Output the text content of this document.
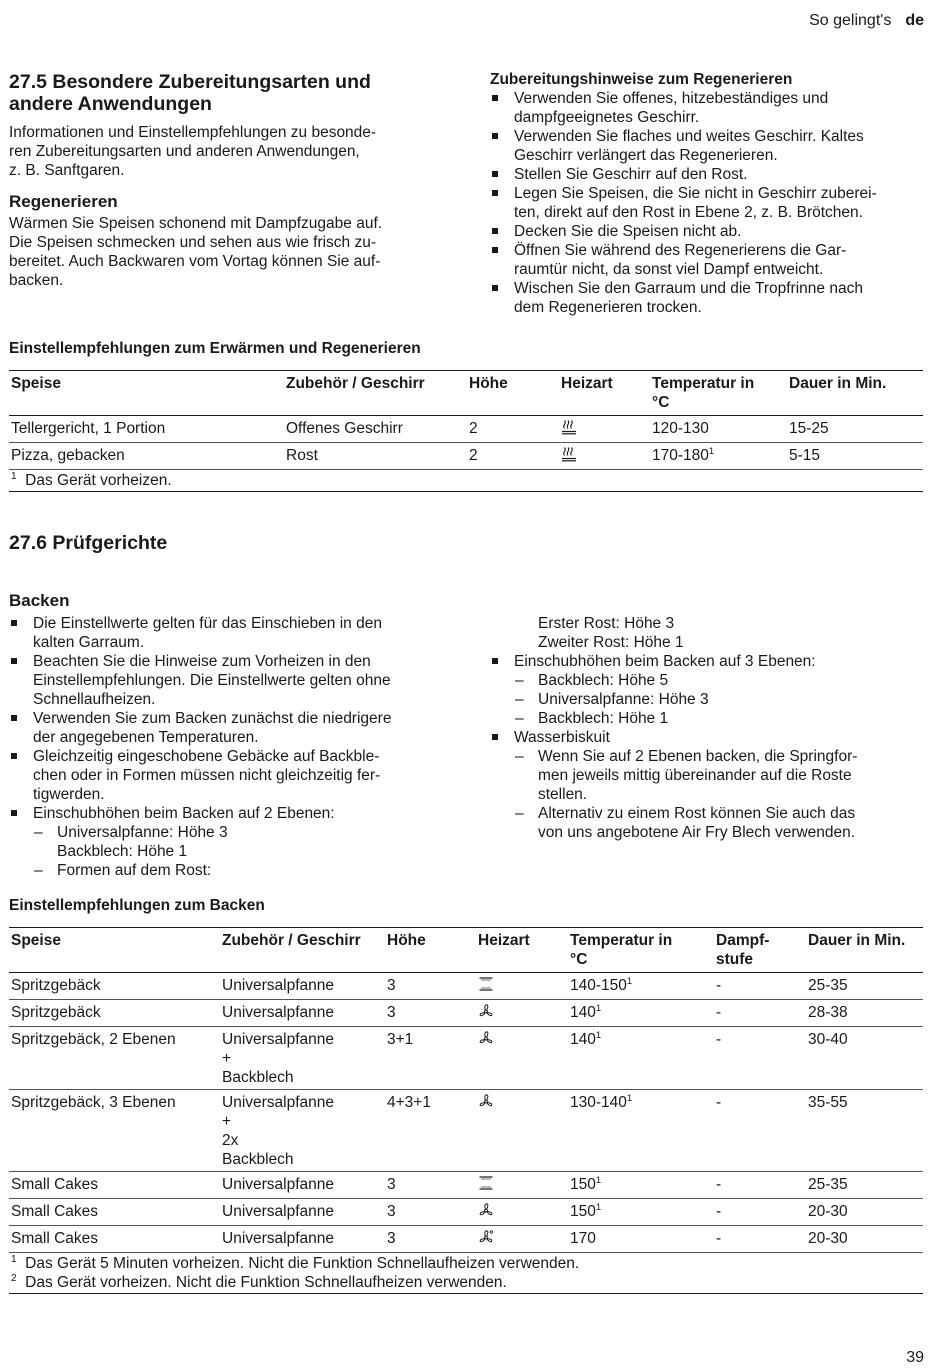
So gelingt's de
27.5 Besondere Zubereitungsarten und
andere Anwendungen

Informationen und Einstellempfehlungen zu besonde-
ren Zubereitungsarten und anderen Anwendungen,
z. B. Sanftgaren.

Regenerieren

Wärmen Sie Speisen schonend mit Dampfzugabe auf.
Die Speisen schmecken und sehen aus wie frisch zu-
bereitet. Auch Backwaren vom Vortag können Sie auf-
backen.

Zubereitungshinweise zum Regenerieren
Verwenden Sie offenes, hitzebeständiges und
dampfgeeignetes Geschirr.
Verwenden Sie flaches und weites Geschirr. Kaltes
Geschirr verlängert das Regenerieren.
Stellen Sie Geschirr auf den Rost.
Legen Sie Speisen, die Sie nicht in Geschirr zuberei-
ten, direkt auf den Rost in Ebene 2, z. B. Brötchen.
Decken Sie die Speisen nicht ab.
Öffnen Sie während des Regenerierens die Gar-
raumtür nicht, da sonst viel Dampf entweicht.
Wischen Sie den Garraum und die Tropfrinne nach
dem Regenerieren trocken.
Einstellempfehlungen zum Erwärmen und Regenerieren
Speise	Zubehör / Geschirr	Höhe	Heizart	Temperatur in
°C	Dauer in Min.
Tellergericht, 1 Portion	Offenes Geschirr	2		120-130	15-25
Pizza, gebacken	Rost	2		$170-180^1$	5-15
$^1$  Das Gerät vorheizen.					
27.6 Prüfgerichte
Backen
Die Einstellwerte gelten für das Einschieben in den
kalten Garraum.
Beachten Sie die Hinweise zum Vorheizen in den
Einstellempfehlungen. Die Einstellwerte gelten ohne
Schnellaufheizen.
Verwenden Sie zum Backen zunächst die niedrigere
der angegebenen Temperaturen.
Gleichzeitig eingeschobene Gebäcke auf Backble-
chen oder in Formen müssen nicht gleichzeitig fer-
tigwerden.
Einschubhöhen beim Backen auf 2 Ebenen:
– Universalpfanne: Höhe 3
Backblech: Höhe 1
– Formen auf dem Rost:
Erster Rost: Höhe 3
Zweiter Rost: Höhe 1
Einschubhöhen beim Backen auf 3 Ebenen:
– Backblech: Höhe 5
– Universalpfanne: Höhe 3
– Backblech: Höhe 1
Wasserbiskuit
– Wenn Sie auf 2 Ebenen backen, die Springfor-
men jeweils mittig übereinander auf die Roste
stellen.
– Alternativ zu einem Rost können Sie auch das
von uns angebotene Air Fry Blech verwenden.
Einstellempfehlungen zum Backen
Speise	Zubehör / Geschirr	Höhe	Heizart	Temperatur in
°C	Dampf-
stufe	Dauer in Min.
Spritzgebäck	Universalpfanne	3		$140-150^1$	-	25-35
Spritzgebäck	Universalpfanne	3		$140^1$	-	28-38
Spritzgebäck, 2 Ebenen	Universalpfanne
+
Backblech	3+1		$140^1$	-	30-40
Spritzgebäck, 3 Ebenen	Universalpfanne
+
2x
Backblech	4+3+1		$130-140^1$	-	35-55
Small Cakes	Universalpfanne	3		$150^1$	-	25-35
Small Cakes	Universalpfanne	3		$150^1$	-	20-30
Small Cakes	Universalpfanne	3		170	-	20-30

$^1$  Das Gerät 5 Minuten vorheizen. Nicht die Funktion Schnellaufheizen verwenden.
$^2$  Das Gerät vorheizen. Nicht die Funktion Schnellaufheizen verwenden.						
39
